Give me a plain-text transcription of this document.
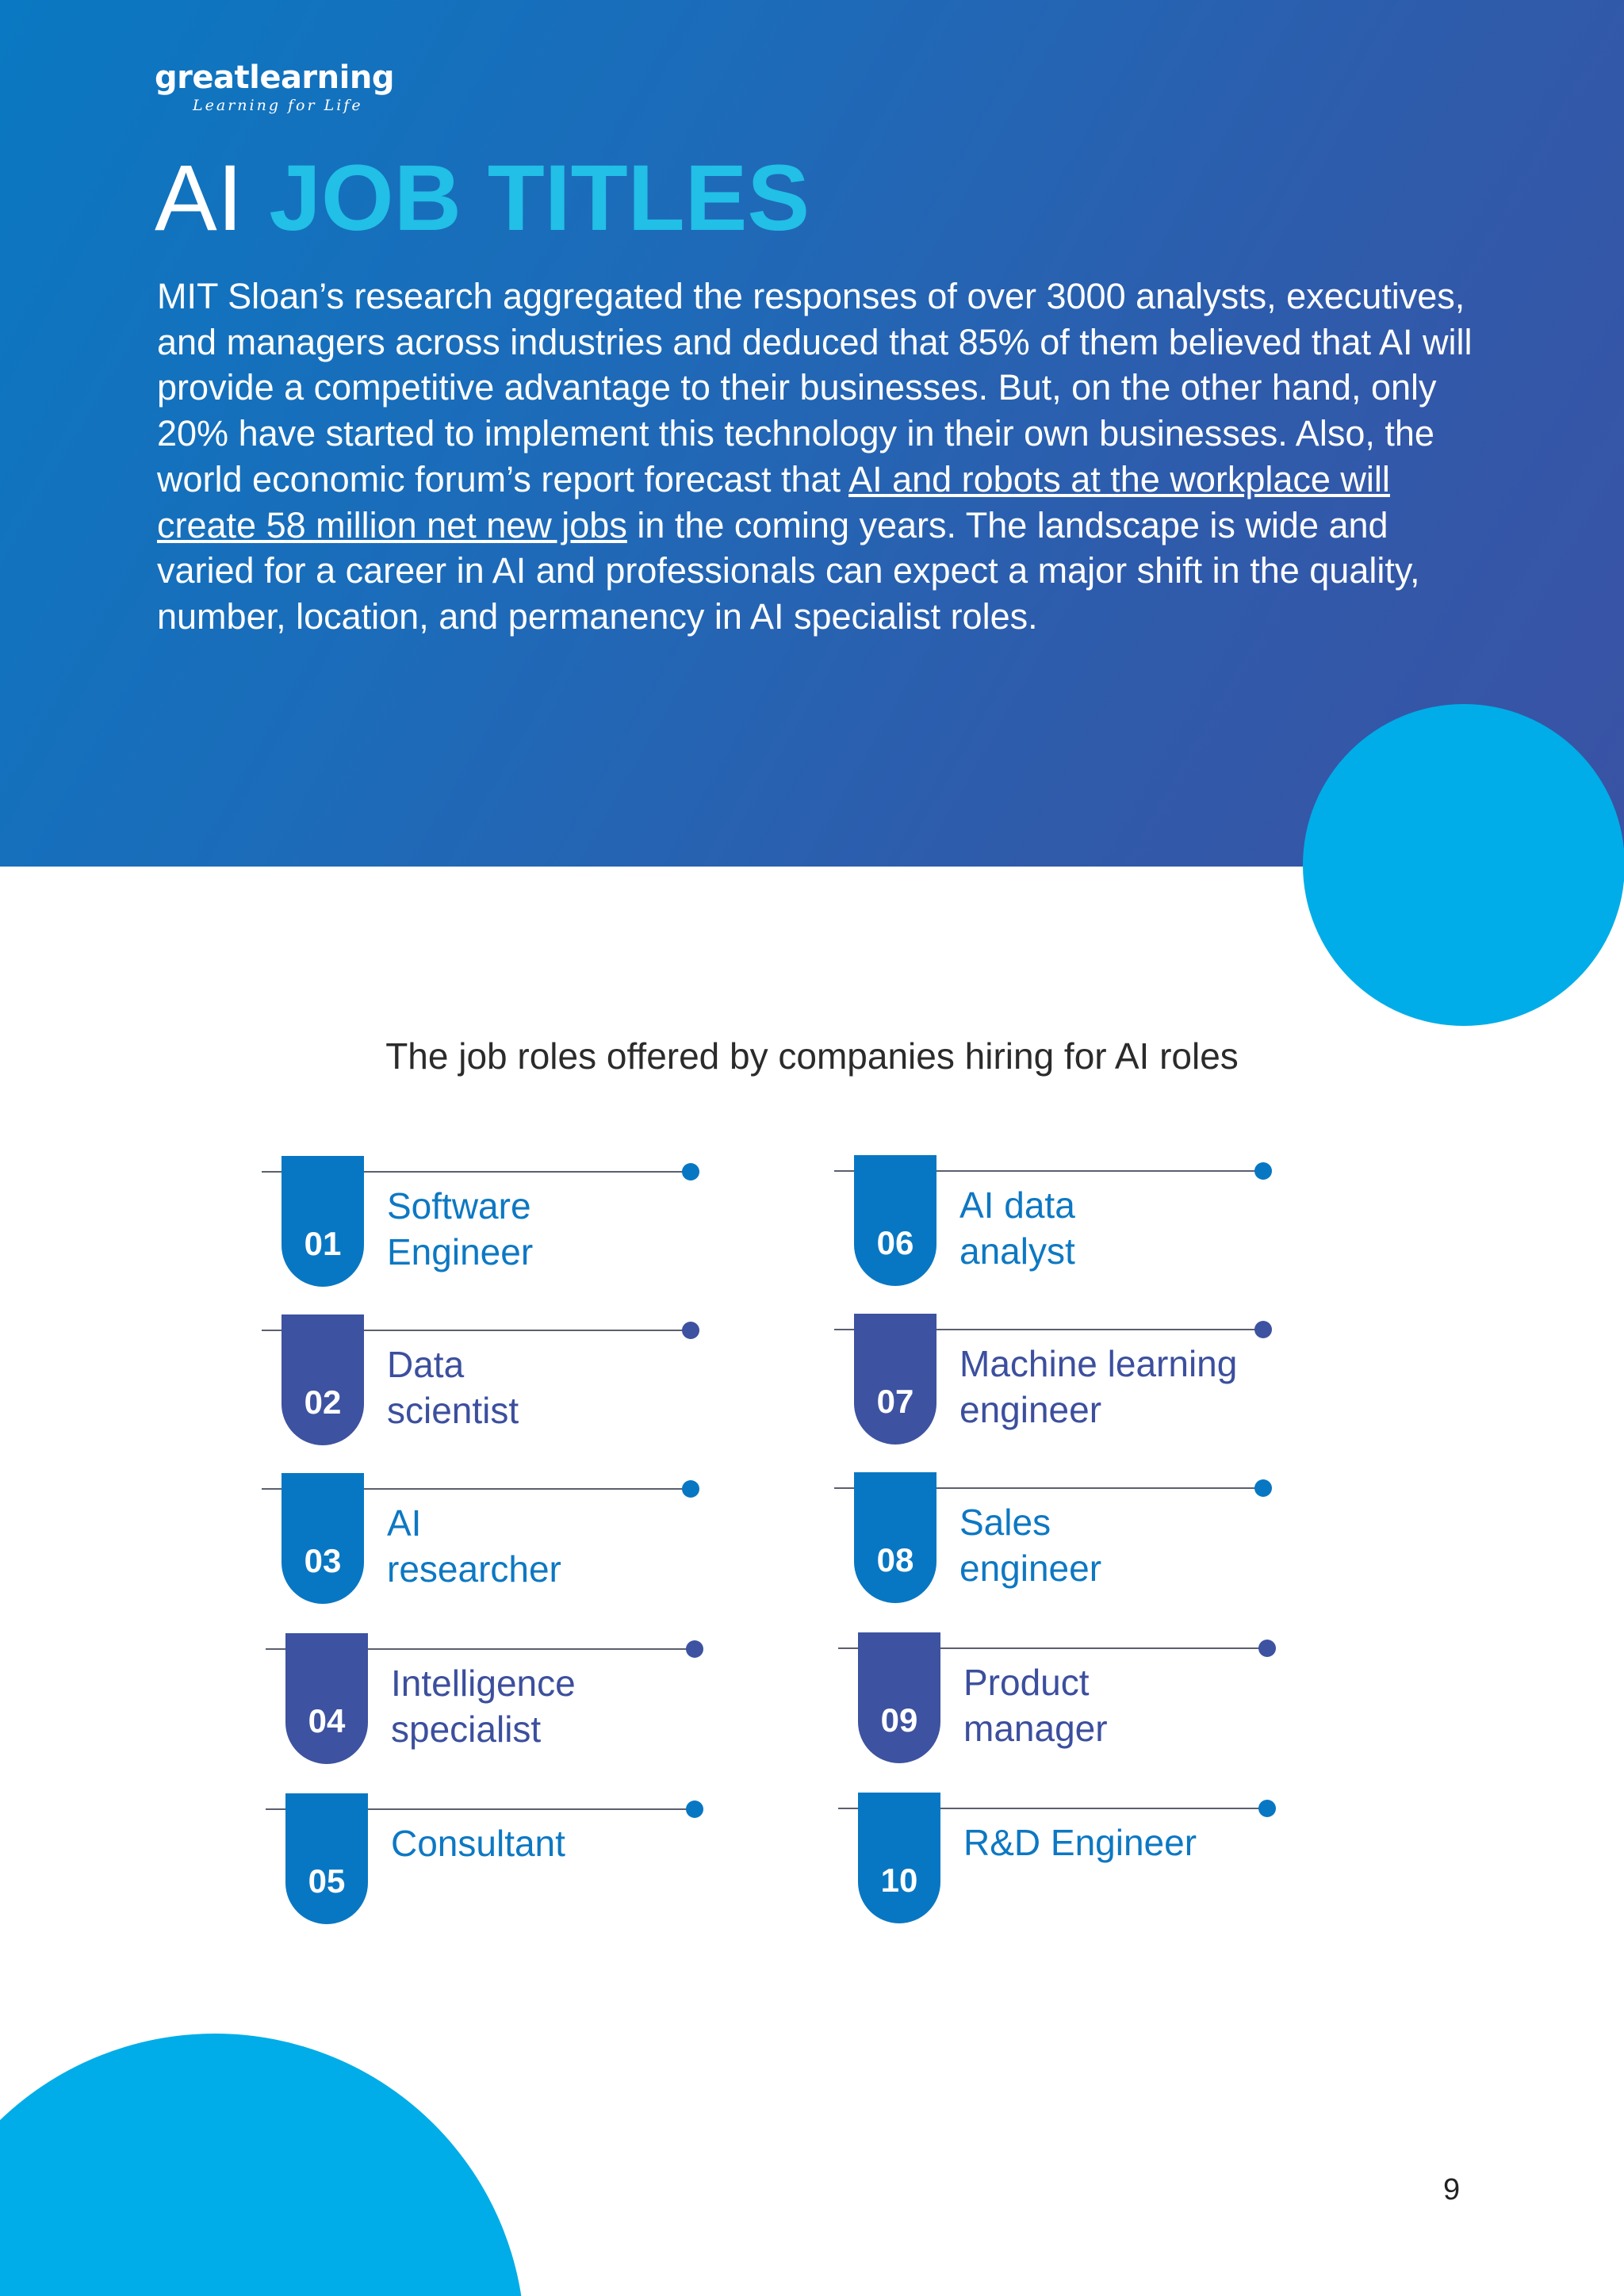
greatlearning
Learning for Life
AI JOB TITLES

MIT Sloan’s research aggregated the responses of over 3000 analysts, executives, and managers across industries and deduced that 85% of them believed that AI will provide a competitive advantage to their businesses. But, on the other hand, only 20% have started to implement this technology in their own businesses. Also, the world economic forum’s report forecast that AI and robots at the workplace will create 58 million net new jobs in the coming years. The landscape is wide and varied for a career in AI and professionals can expect a major shift in the quality, number, location, and permanency in AI specialist roles.

The job roles offered by companies hiring for AI roles
01
Software
Engineer
02
Data
scientist
03
AI
researcher
04
Intelligence
specialist
05
Consultant
06
AI data
analyst
07
Machine learning
engineer
08
Sales
engineer
09
Product
manager
10
R&D Engineer
9
